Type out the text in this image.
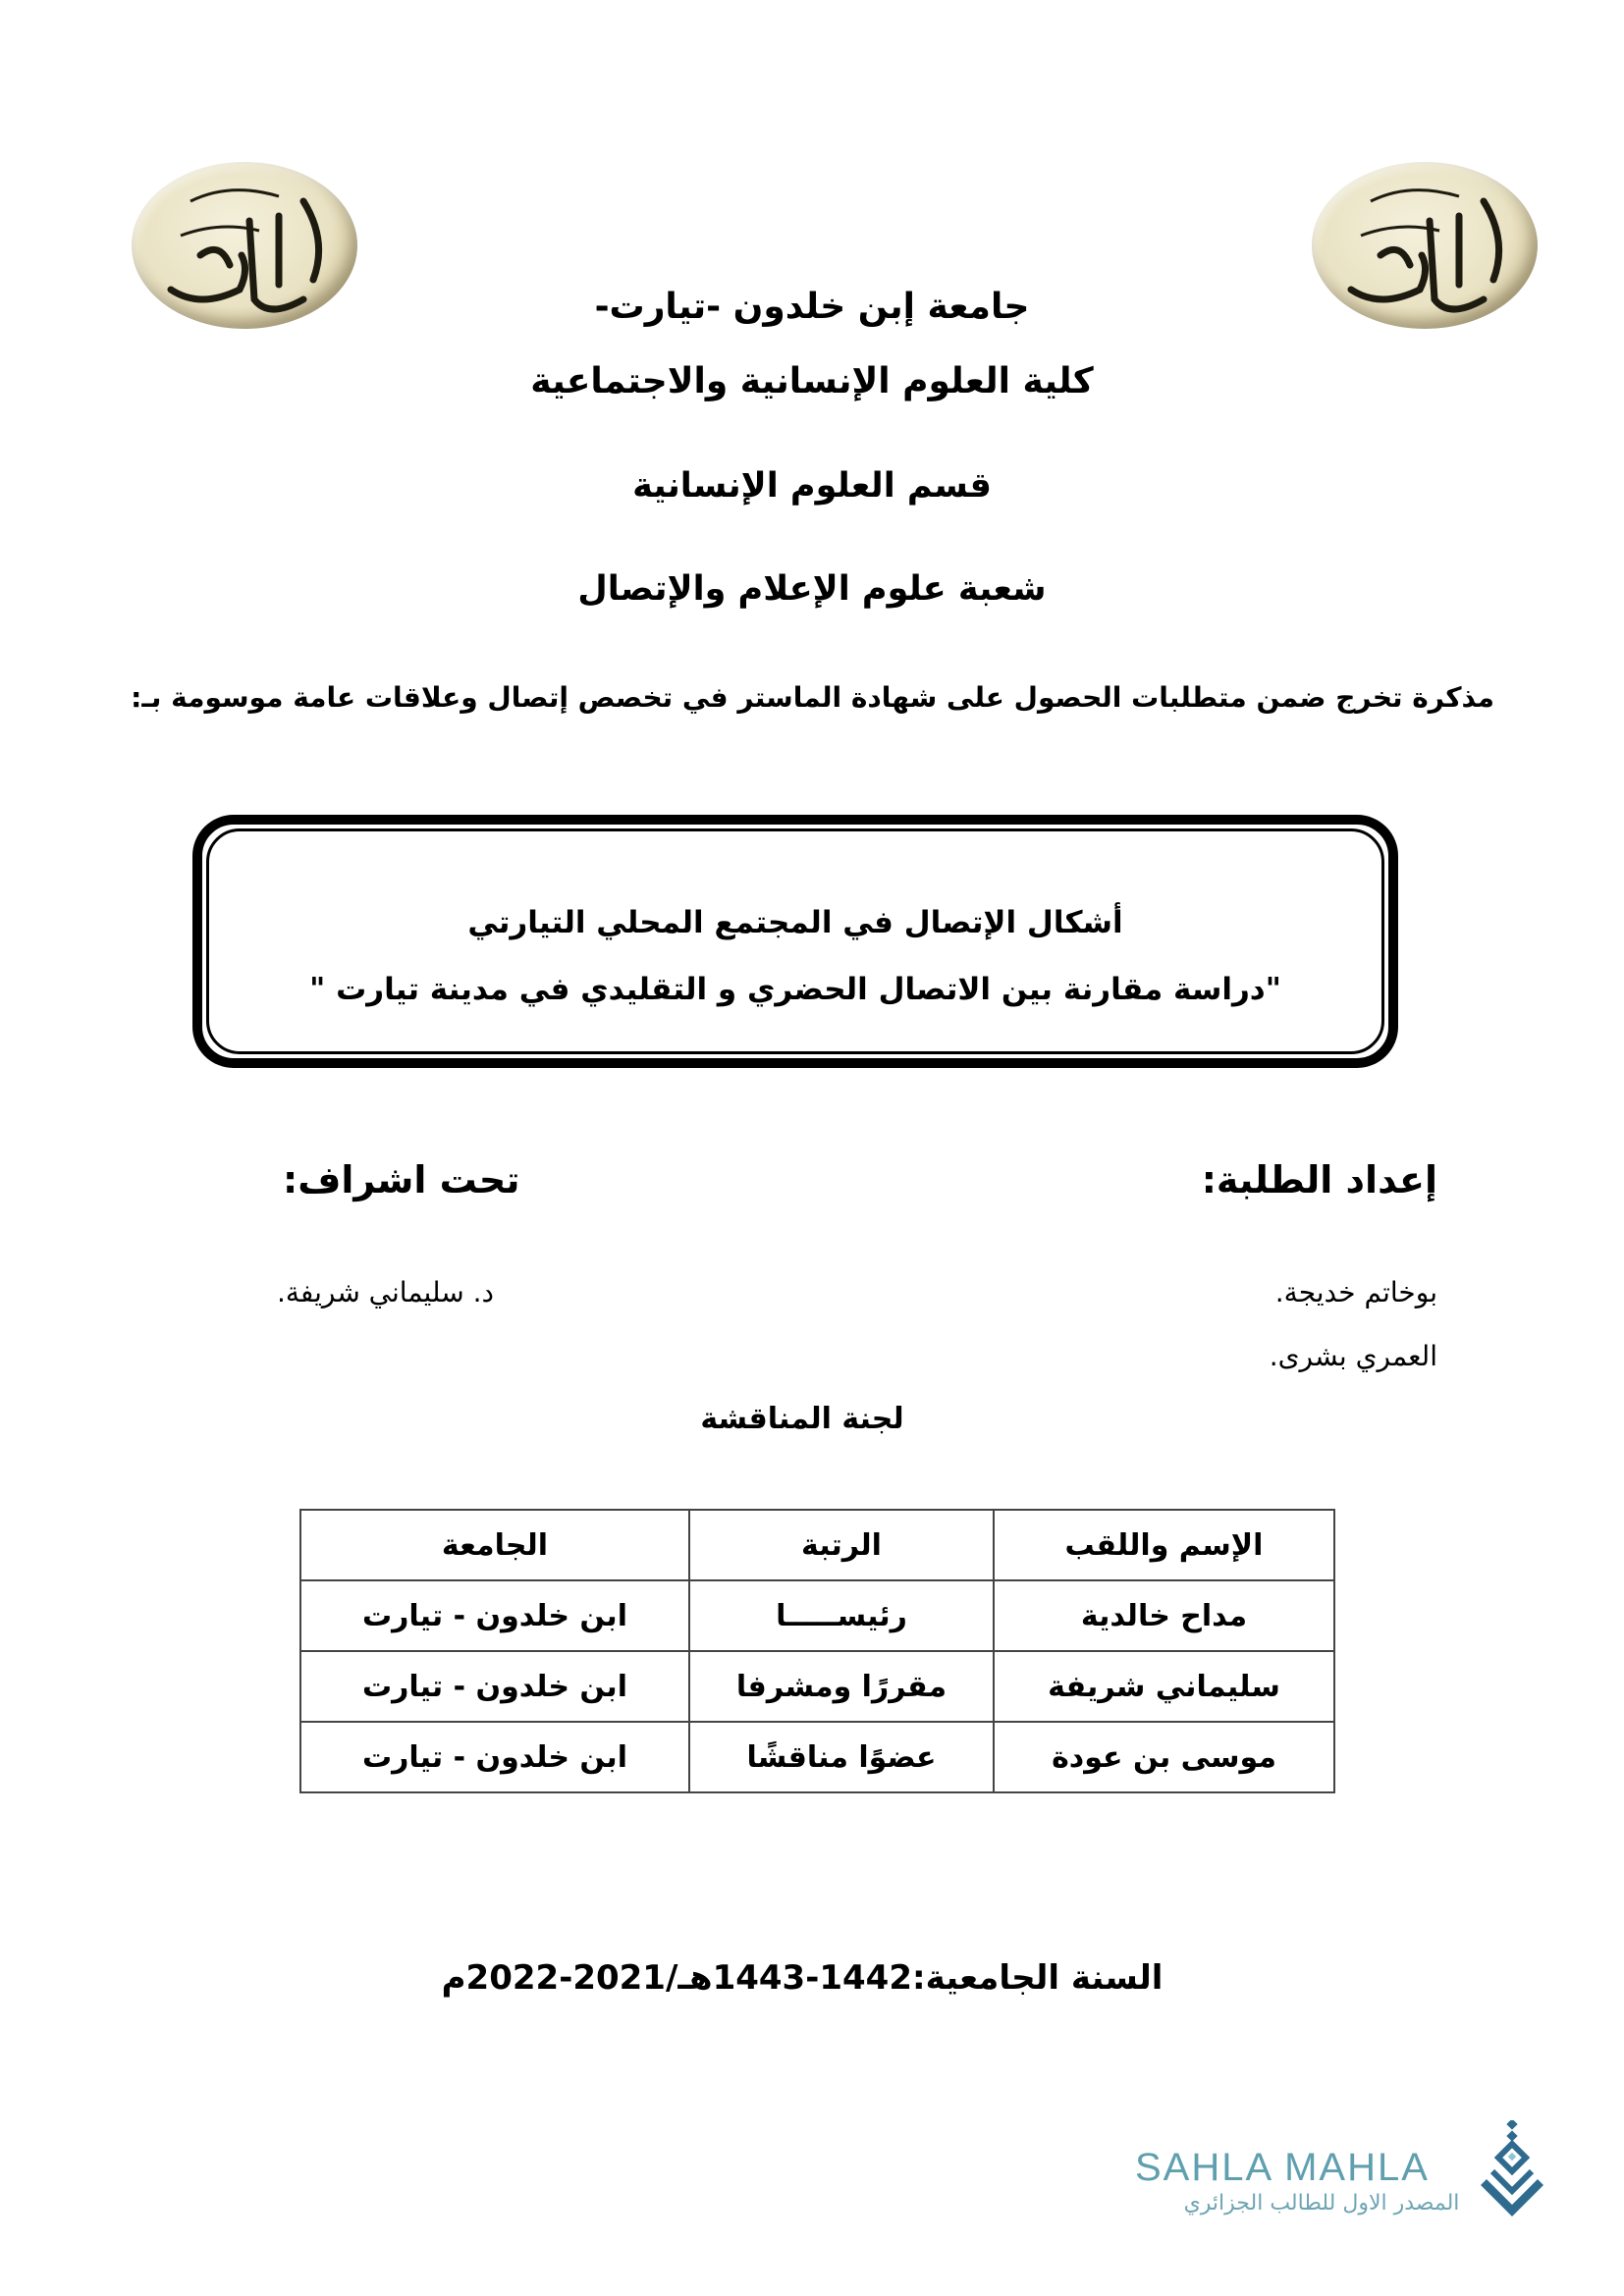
جامعة إبن خلدون -تيارت-
كلية العلوم الإنسانية والاجتماعية
قسم العلوم الإنسانية
شعبة علوم الإعلام والإتصال
مذكرة تخرج ضمن متطلبات الحصول على شهادة الماستر في تخصص إتصال وعلاقات عامة موسومة بـ:
أشكال الإتصال في المجتمع المحلي التيارتي
"دراسة مقارنة بين الاتصال الحضري و التقليدي في مدينة تيارت "
إعداد الطلبة:
تحت اشراف:
بوخاتم خديجة.
العمري بشرى.
د. سليماني شريفة.
لجنة المناقشة
الإسم واللقب	الرتبة	الجامعة
مداح خالدية	رئيســـــا	ابن خلدون - تيارت
سليماني شريفة	مقررًا ومشرفا	ابن خلدون - تيارت
موسى بن عودة	عضوًا مناقشًا	ابن خلدون - تيارت
السنة الجامعية:1442-1443هـ/2021-2022م
SAHLA MAHLA
المصدر الاول للطالب الجزائري
